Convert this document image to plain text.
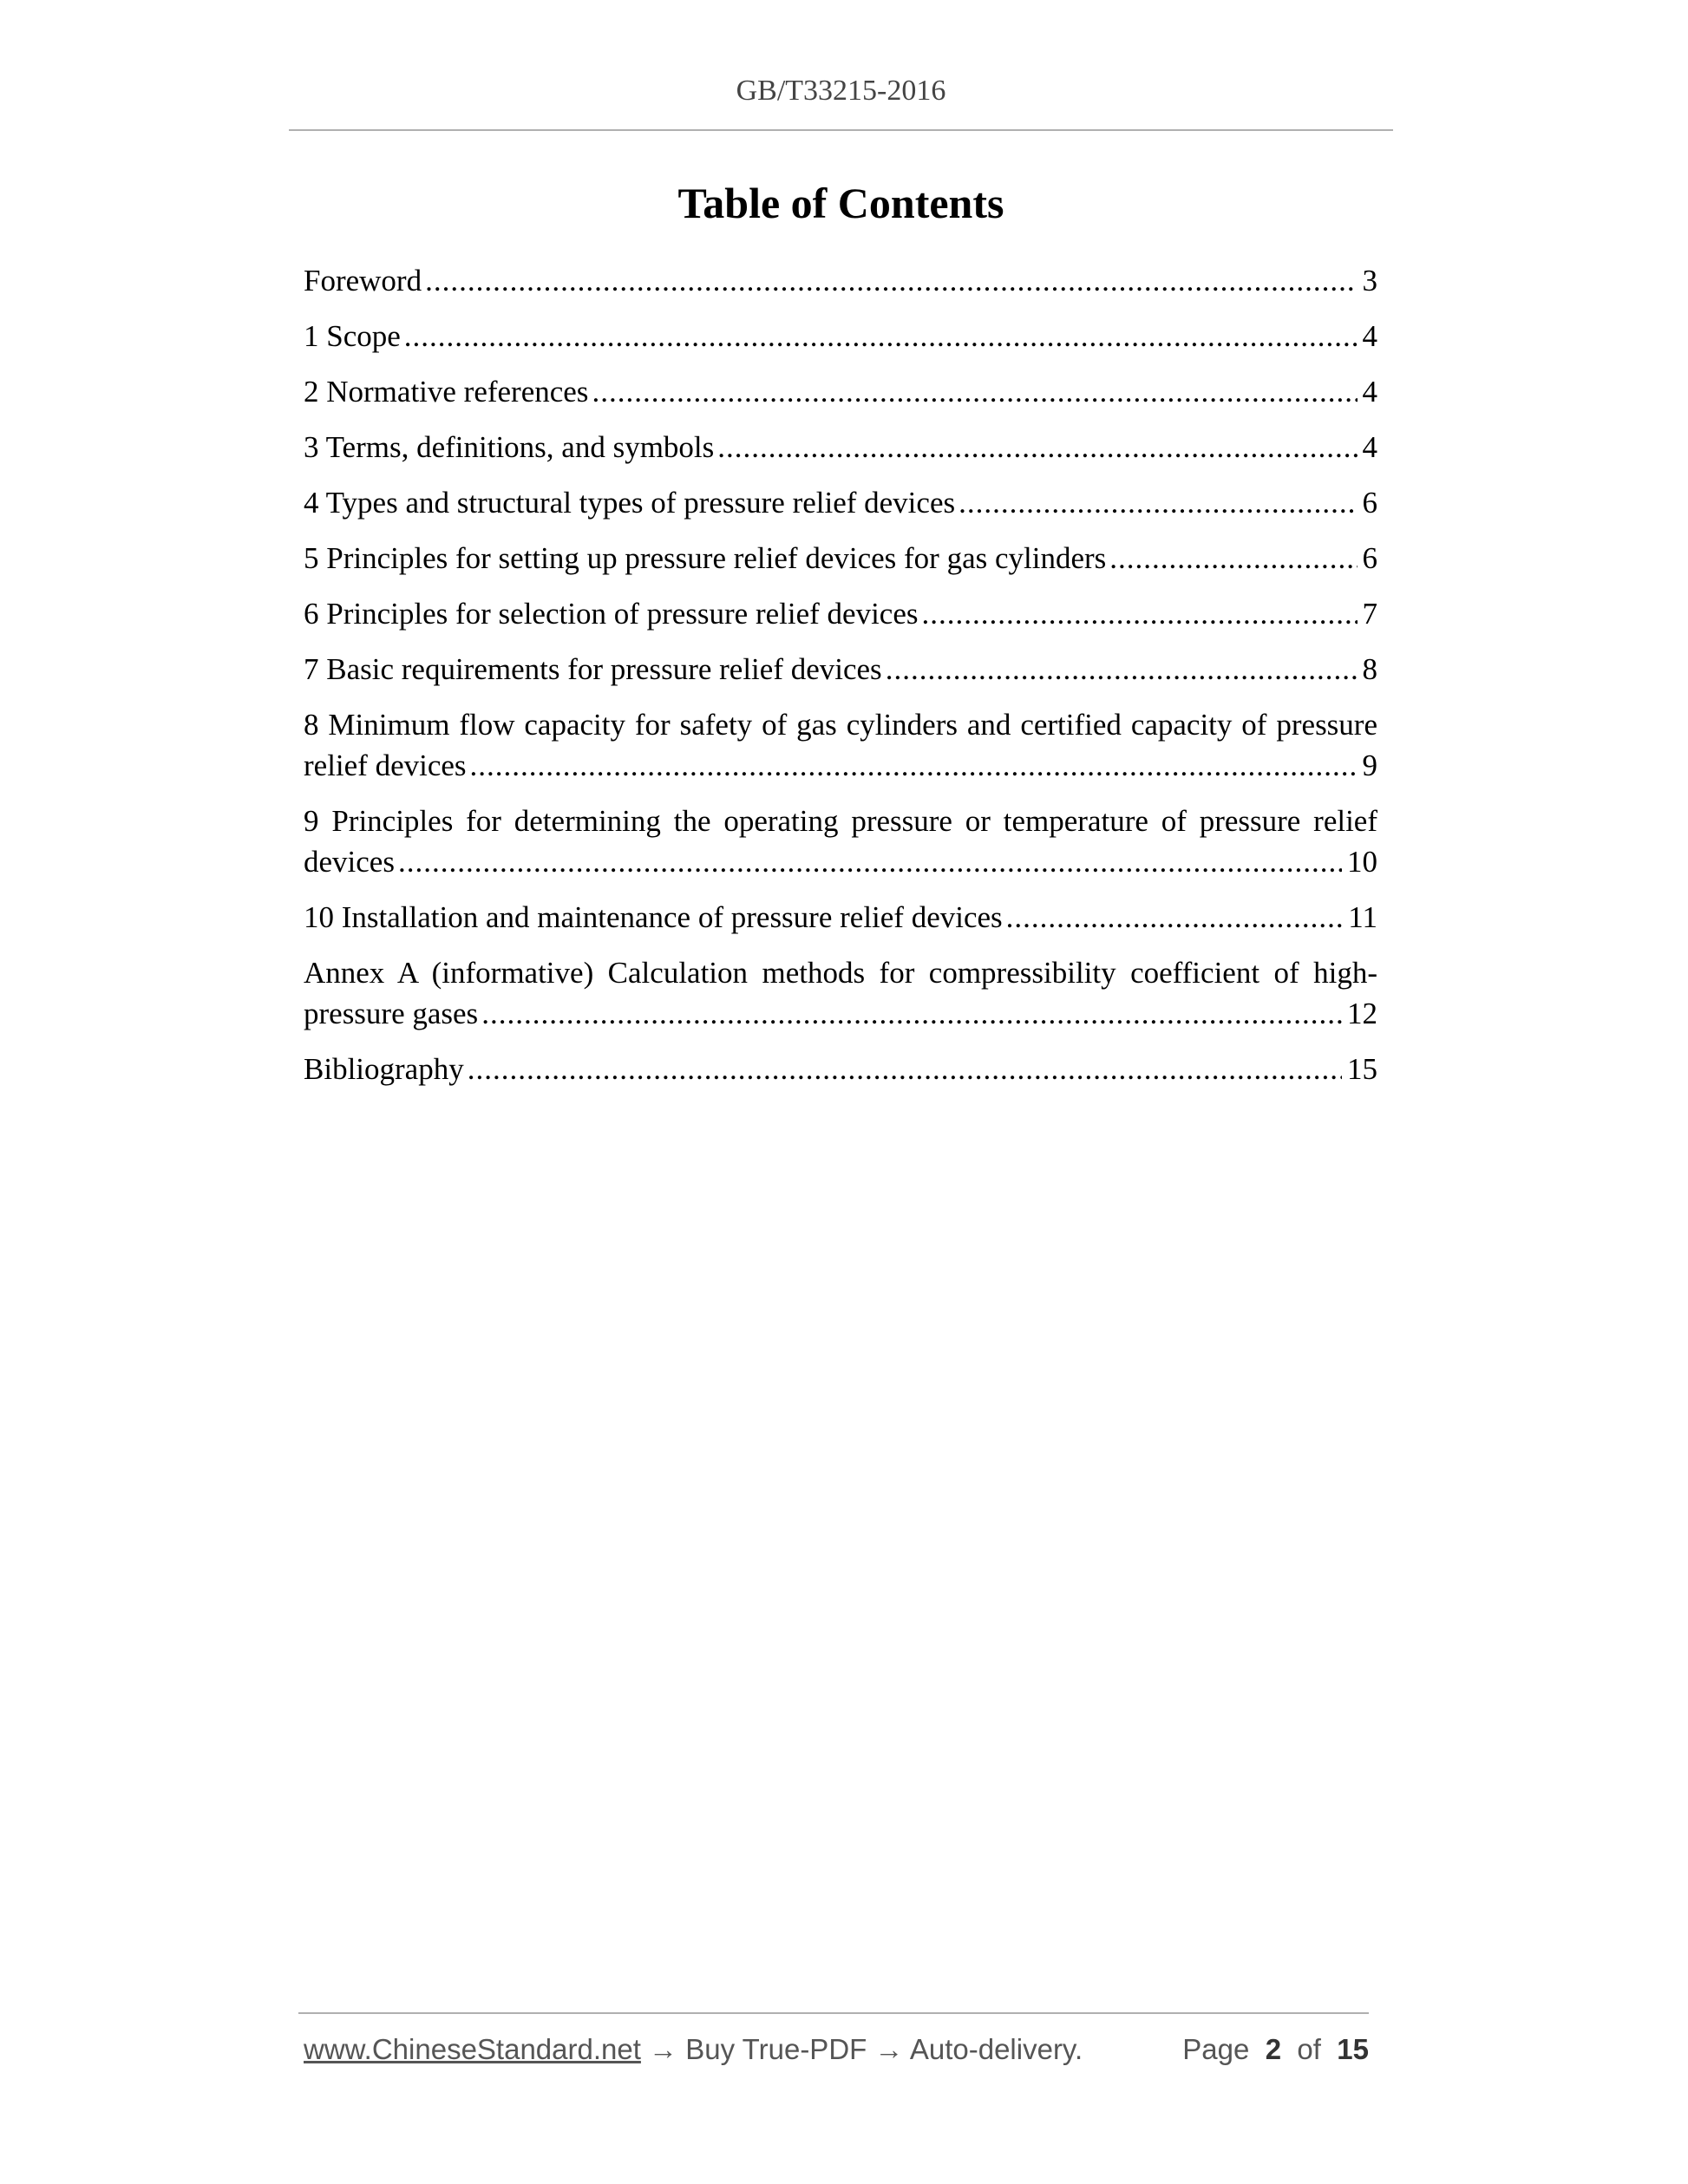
GB/T33215-2016
Table of Contents
Foreword .....	3
1 Scope .....	4
2 Normative references .....	4
3 Terms, definitions, and symbols .....	4
4 Types and structural types of pressure relief devices .....	6
5 Principles for setting up pressure relief devices for gas cylinders .....	6
6 Principles for selection of pressure relief devices .....	7
7 Basic requirements for pressure relief devices .....	8
8 Minimum flow capacity for safety of gas cylinders and certified capacity of pressure
relief devices .....	9
9 Principles for determining the operating pressure or temperature of pressure relief
devices .....	10
10 Installation and maintenance of pressure relief devices .....	11
Annex A (informative) Calculation methods for compressibility coefficient of high-
pressure gases .....	12
Bibliography .....	15
www.ChineseStandard.net → Buy True-PDF → Auto-delivery.	Page 2 of 15
